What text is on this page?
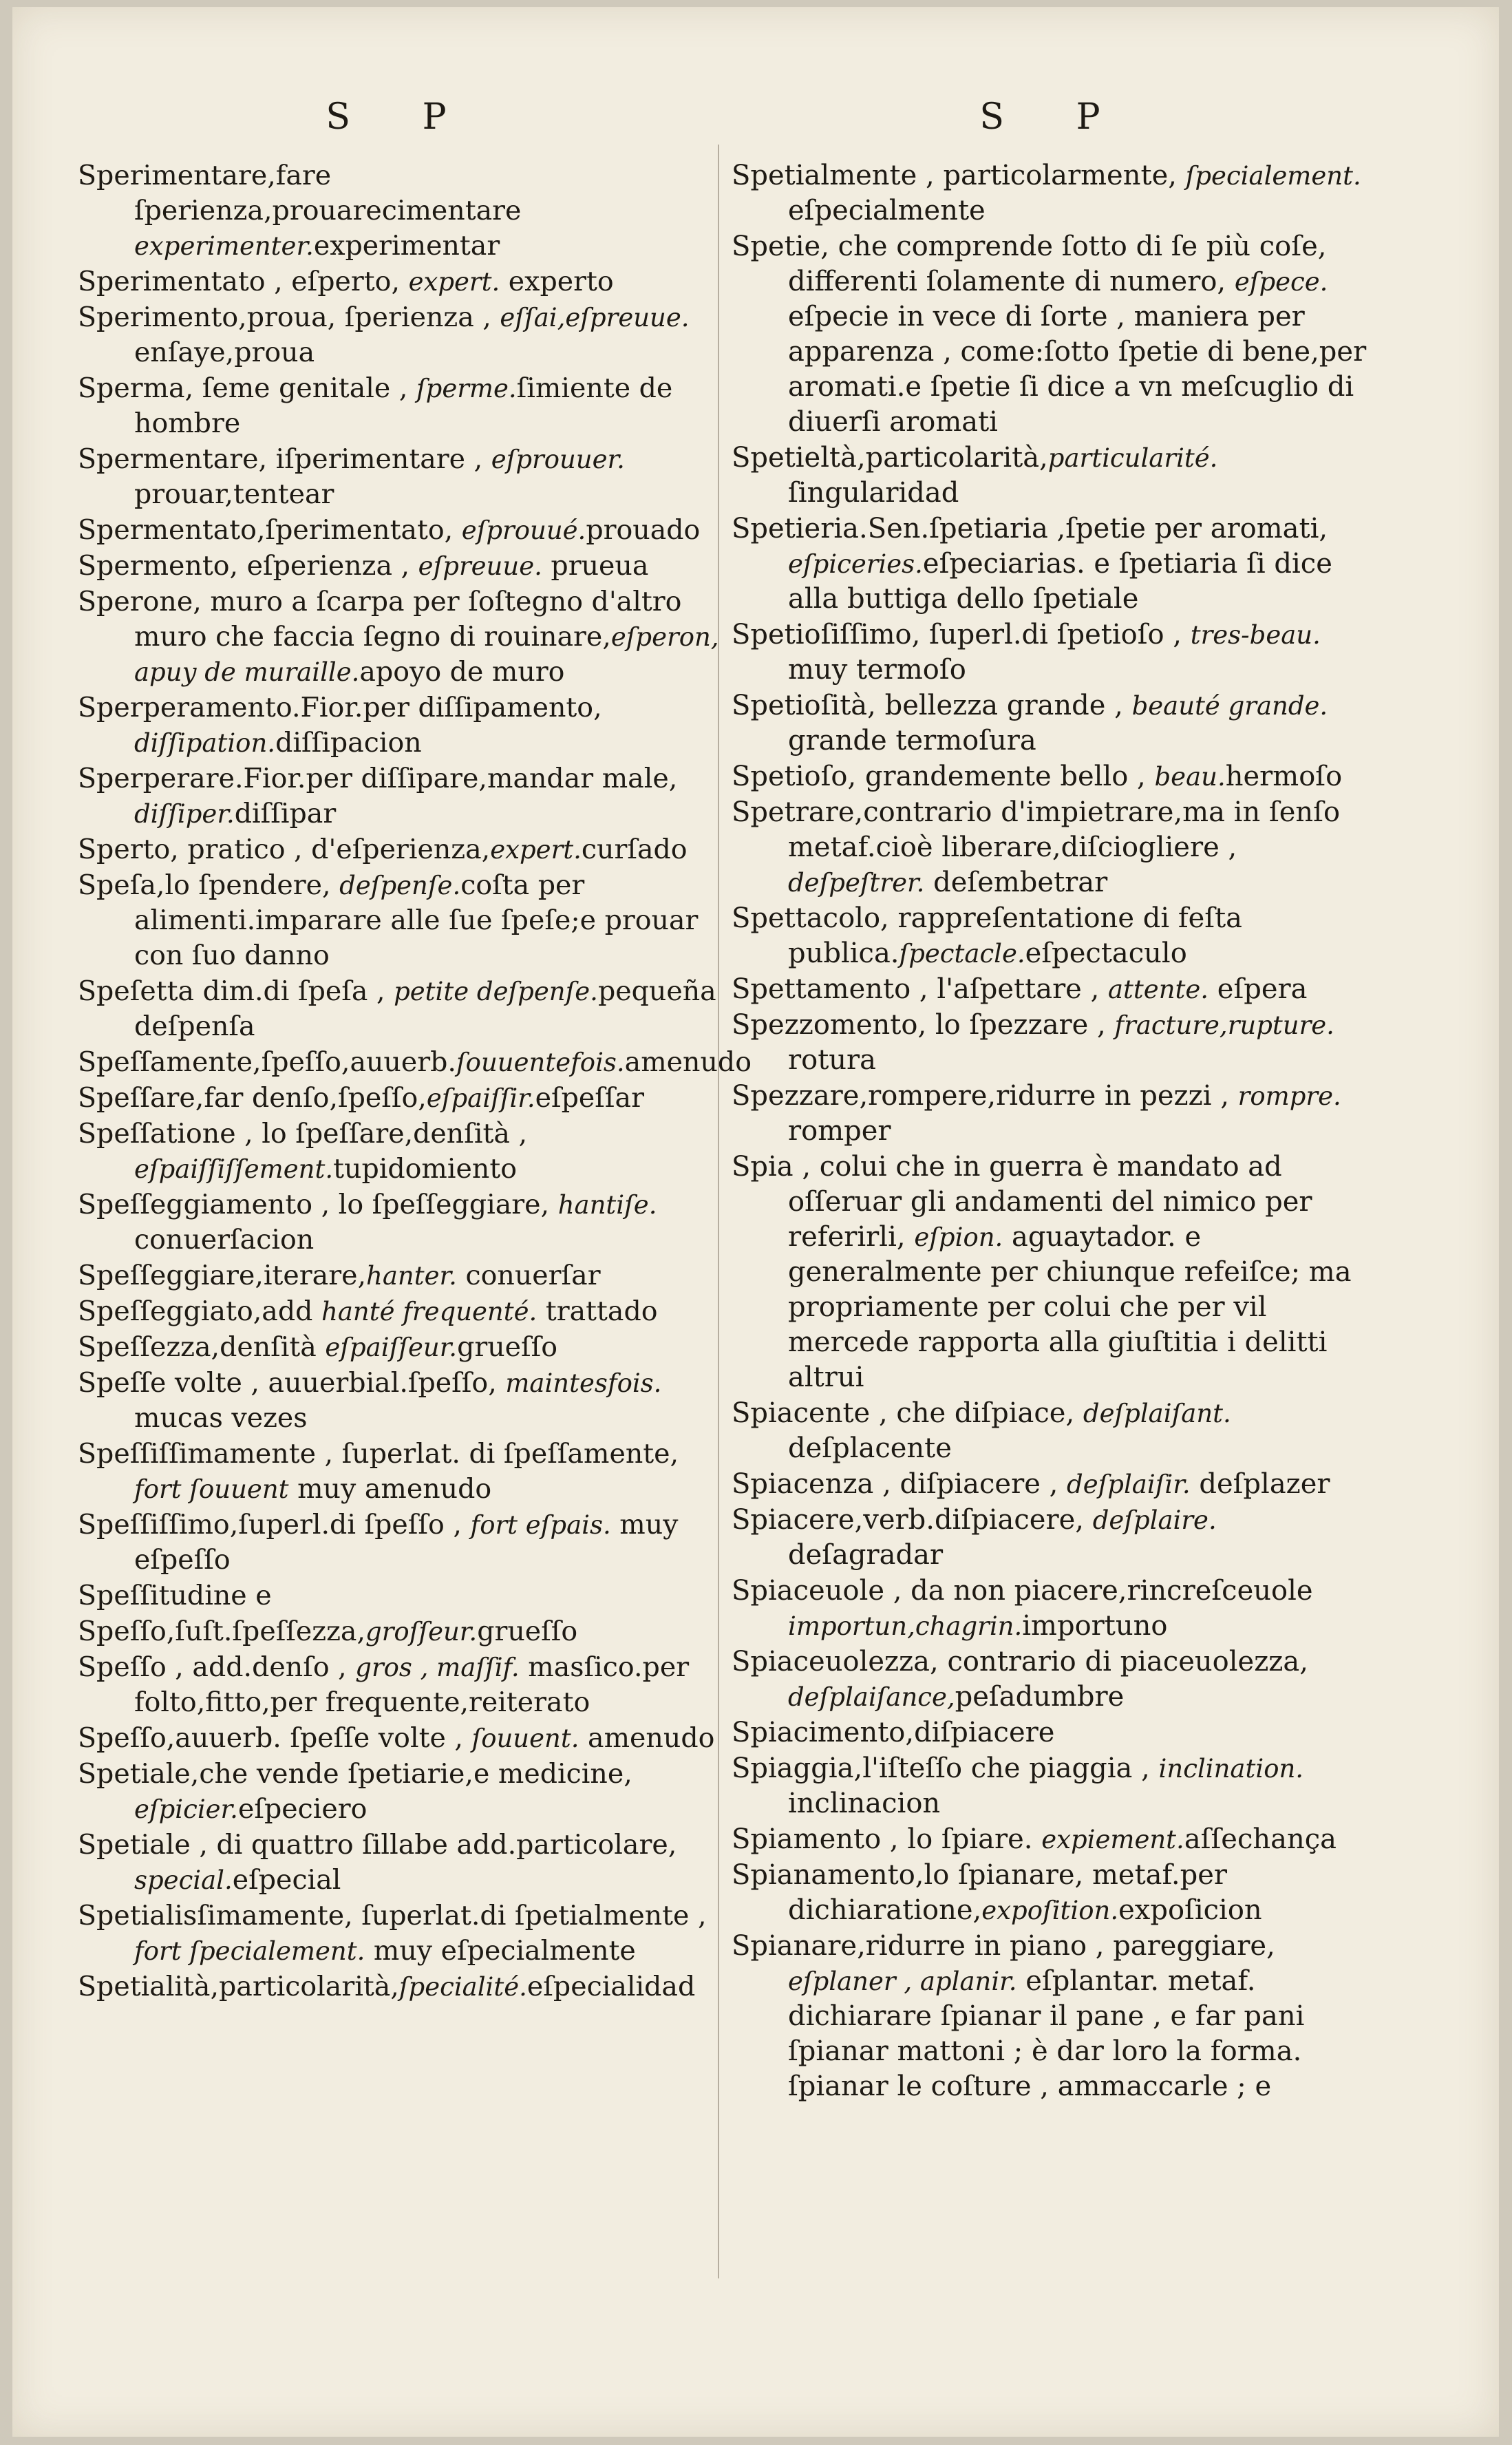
S P
Sperimentare,fare ſperienza,prouarecimentare experimenter.experimentar
Sperimentato , eſperto, expert. experto
Sperimento,proua, ſperienza , eſſai,eſpreuue. enſaye,proua
Sperma, ſeme genitale , ſperme.ſimiente de hombre
Spermentare, iſperimentare , eſprouuer. prouar,tentear
Spermentato,ſperimentato, eſprouué.prouado
Spermento, eſperienza , eſpreuue. prueua
Sperone, muro a ſcarpa per ſoſtegno d'altro muro che faccia ſegno di rouinare,eſperon, apuy de muraille.apoyo de muro
Sperperamento.Fior.per diſſipamento, diſſipation.diſſipacion
Sperperare.Fior.per diſſipare,mandar male, diſſiper.diſſipar
Sperto, pratico , d'eſperienza,expert.curſado
Speſa,lo ſpendere, deſpenſe.coſta per alimenti.imparare alle ſue ſpeſe;e prouar con ſuo danno
Speſetta dim.di ſpeſa , petite deſpenſe.pequeña deſpenſa
Speſſamente,ſpeſſo,auuerb.ſouuentefois.amenudo
Speſſare,far denſo,ſpeſſo,eſpaiſſir.eſpeſſar
Speſſatione , lo ſpeſſare,denſità , eſpaiſſiſſement.tupidomiento
Speſſeggiamento , lo ſpeſſeggiare, hantiſe. conuerſacion
Speſſeggiare,iterare,hanter. conuerſar
Speſſeggiato,add hanté frequenté. trattado
Speſſezza,denſità eſpaiſſeur.grueſſo
Speſſe volte , auuerbial.ſpeſſo, maintesfois. mucas vezes
Speſſiſſimamente , ſuperlat. di ſpeſſamente, fort ſouuent muy amenudo
Speſſiſſimo,ſuperl.di ſpeſſo , fort eſpais. muy eſpeſſo
Speſſitudine e
Speſſo,ſuſt.ſpeſſezza,groſſeur.grueſſo
Speſſo , add.denſo , gros , maſſif. masſico.per folto,fitto,per frequente,reiterato
Speſſo,auuerb. ſpeſſe volte , ſouuent. amenudo
Spetiale,che vende ſpetiarie,e medicine, eſpicier.eſpeciero
Spetiale , di quattro ſillabe add.particolare, special.eſpecial
Spetialisſimamente, ſuperlat.di ſpetialmente , fort ſpecialement. muy eſpecialmente
Spetialità,particolarità,ſpecialité.eſpecialidad
S P
Spetialmente , particolarmente, ſpecialement. eſpecialmente
Spetie, che comprende ſotto di ſe più coſe, differenti ſolamente di numero, eſpece. eſpecie in vece di ſorte , maniera per apparenza , come:ſotto ſpetie di bene,per aromati.e ſpetie ſi dice a vn meſcuglio di diuerſi aromati
Spetieltà,particolarità,particularité. ſingularidad
Spetieria.Sen.ſpetiaria ,ſpetie per aromati, eſpiceries.eſpeciarias. e ſpetiaria ſi dice alla buttiga dello ſpetiale
Spetioſiſſimo, ſuperl.di ſpetioſo , tres-beau. muy termoſo
Spetioſità, bellezza grande , beauté grande. grande termoſura
Spetioſo, grandemente bello , beau.hermoſo
Spetrare,contrario d'impietrare,ma in ſenſo metaf.cioè liberare,diſciogliere , deſpeſtrer. deſembetrar
Spettacolo, rappreſentatione di feſta publica.ſpectacle.eſpectaculo
Spettamento , l'aſpettare , attente. eſpera
Spezzomento, lo ſpezzare , fracture,rupture. rotura
Spezzare,rompere,ridurre in pezzi , rompre. romper
Spia , colui che in guerra è mandato ad oſſeruar gli andamenti del nimico per referirli, eſpion. aguaytador. e generalmente per chiunque refeiſce; ma propriamente per colui che per vil mercede rapporta alla giuſtitia i delitti altrui
Spiacente , che diſpiace, deſplaiſant. deſplacente
Spiacenza , diſpiacere , deſplaiſir. deſplazer
Spiacere,verb.diſpiacere, deſplaire. deſagradar
Spiaceuole , da non piacere,rincreſceuole importun,chagrin.importuno
Spiaceuolezza, contrario di piaceuolezza, deſplaiſance,peſadumbre
Spiacimento,diſpiacere
Spiaggia,l'iſteſſo che piaggia , inclination. inclinacion
Spiamento , lo ſpiare. expiement.aſſechança
Spianamento,lo ſpianare, metaf.per dichiaratione,expoſition.expoſicion
Spianare,ridurre in piano , pareggiare, eſplaner , aplanir. eſplantar. metaf. dichiarare ſpianar il pane , e far pani ſpianar mattoni ; è dar loro la forma. ſpianar le coſture , ammaccarle ; e
